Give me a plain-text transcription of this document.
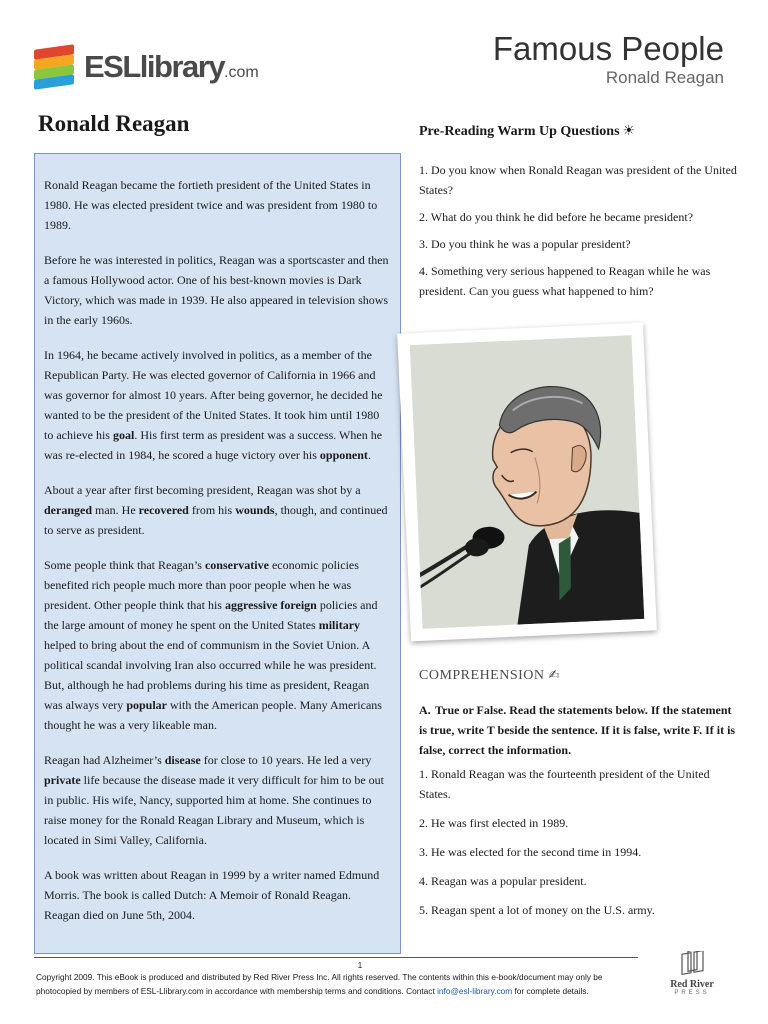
ESLlibrary.com
Famous People
Ronald Reagan
Ronald Reagan

Ronald Reagan became the fortieth president of the United States in 1980. He was elected president twice and was president from 1980 to 1989.

Before he was interested in politics, Reagan was a sportscaster and then a famous Hollywood actor. One of his best-known movies is Dark Victory, which was made in 1939. He also appeared in television shows in the early 1960s.

In 1964, he became actively involved in politics, as a member of the Republican Party. He was elected governor of California in 1966 and was governor for almost 10 years. After being governor, he decided he wanted to be the president of the United States. It took him until 1980 to achieve his goal. His first term as president was a success. When he was re-elected in 1984, he scored a huge victory over his opponent.

About a year after first becoming president, Reagan was shot by a deranged man. He recovered from his wounds, though, and continued to serve as president.

Some people think that Reagan’s conservative economic policies benefited rich people much more than poor people when he was president. Other people think that his aggressive foreign policies and the large amount of money he spent on the United States military helped to bring about the end of communism in the Soviet Union. A political scandal involving Iran also occurred while he was president. But, although he had problems during his time as president, Reagan was always very popular with the American people. Many Americans thought he was a very likeable man.

Reagan had Alzheimer’s disease for close to 10 years. He led a very private life because the disease made it very difficult for him to be out in public. His wife, Nancy, supported him at home. She continues to raise money for the Ronald Reagan Library and Museum, which is located in Simi Valley, California.

A book was written about Reagan in 1999 by a writer named Edmund Morris. The book is called Dutch: A Memoir of Ronald Reagan. Reagan died on June 5th, 2004.

Pre-Reading Warm Up Questions ☀
1. Do you know when Ronald Reagan was president of the United States?
2. What do you think he did before he became president?
3. Do you think he was a popular president?
4. Something very serious happened to Reagan while he was president. Can you guess what happened to him?
COMPREHENSION ✍
A. True or False. Read the statements below. If the statement is true, write T beside the sentence. If it is false, write F. If it is false, correct the information.
1. Ronald Reagan was the fourteenth president of the United States.
2. He was first elected in 1989.
3. He was elected for the second time in 1994.
4. Reagan was a popular president.
5. Reagan spent a lot of money on the U.S. army.
1
Copyright 2009. This eBook is produced and distributed by Red River Press Inc. All rights reserved. The contents within this e-book/document may only be photocopied by members of ESL-Llibrary.com in accordance with membership terms and conditions. Contact info@esl-library.com for complete details.
Red River
PRESS
